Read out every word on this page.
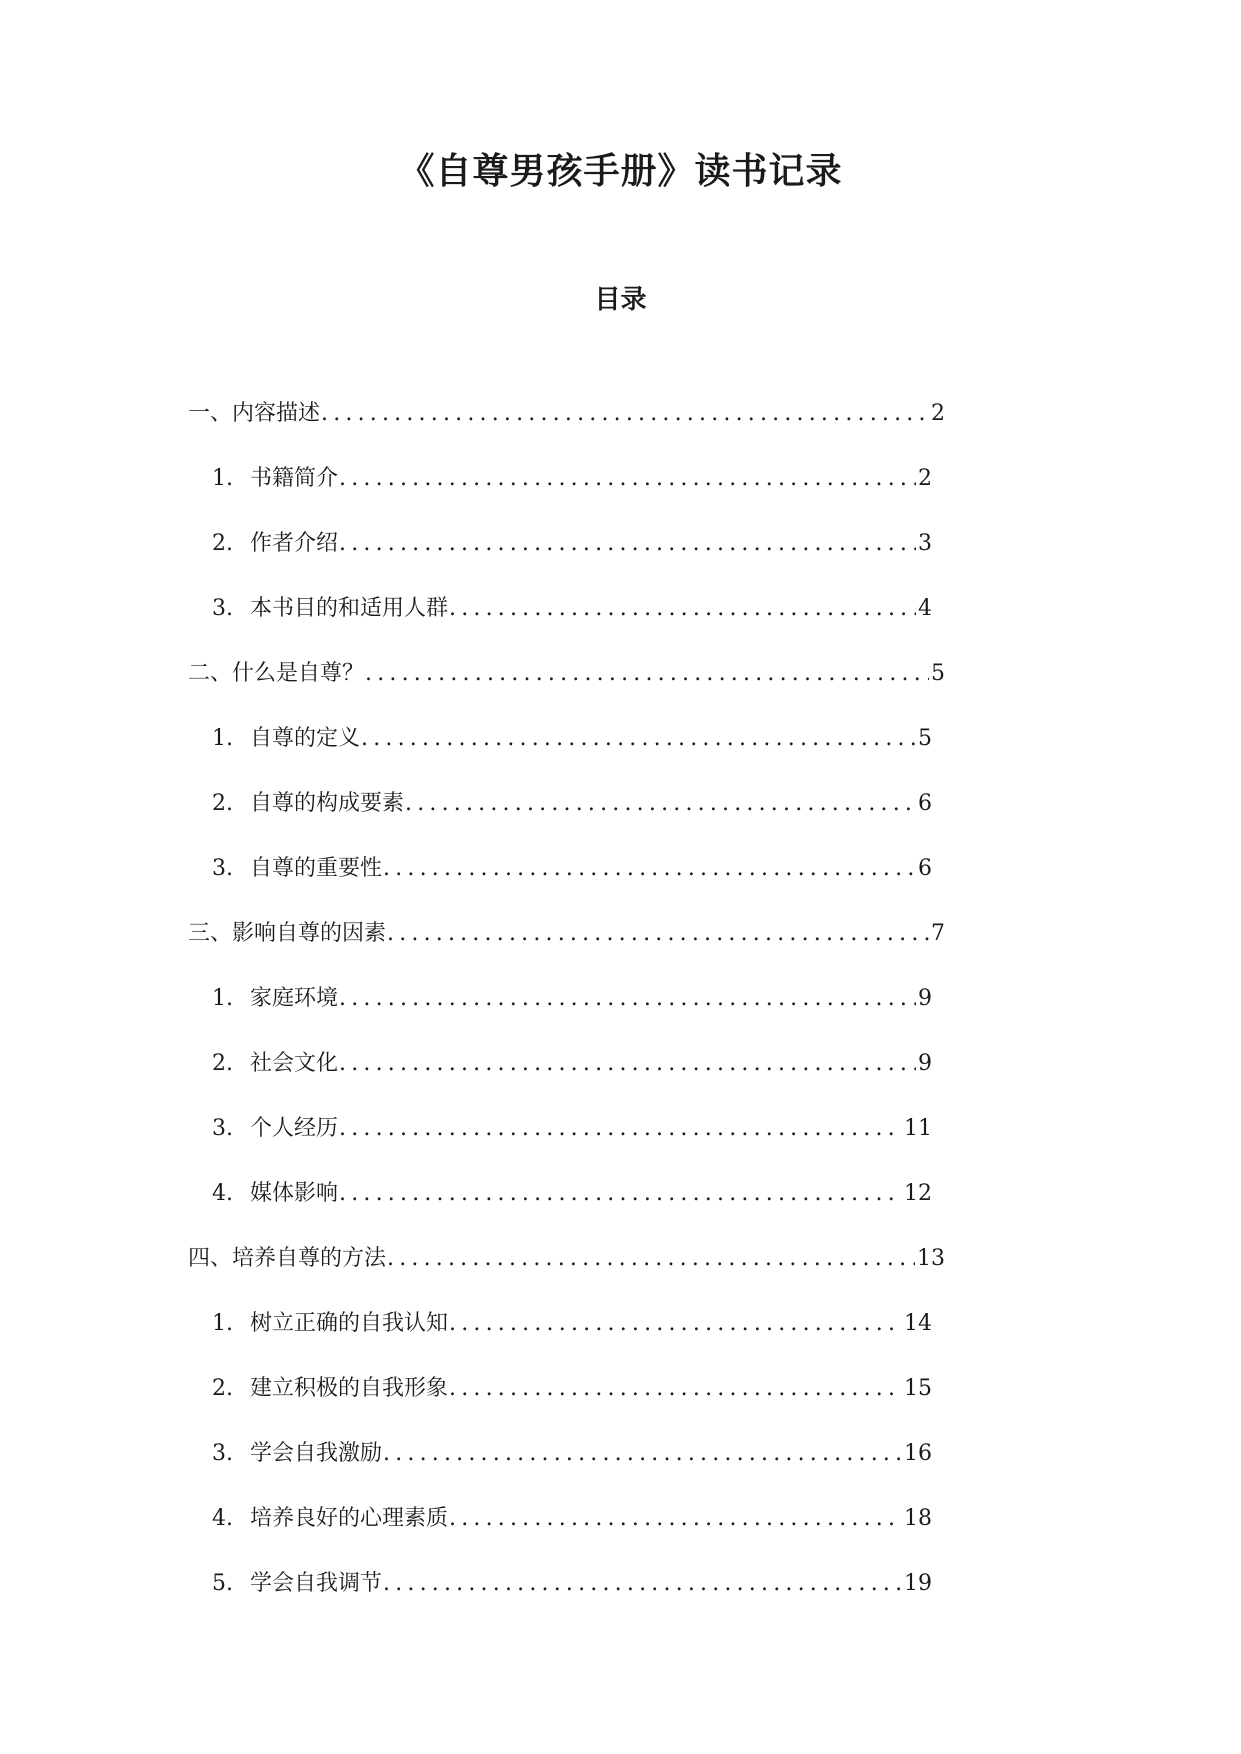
《自尊男孩手册》读书记录
目录
一、内容描述 .....	2
1. 书籍简介 .....	2
2. 作者介绍 .....	3
3. 本书目的和适用人群 .....	4
二、什么是自尊？ .....	5
1. 自尊的定义 .....	5
2. 自尊的构成要素 .....	6
3. 自尊的重要性 .....	6
三、影响自尊的因素 .....	7
1. 家庭环境 .....	9
2. 社会文化 .....	9
3. 个人经历 .....	11
4. 媒体影响 .....	12
四、培养自尊的方法 .....	13
1. 树立正确的自我认知 .....	14
2. 建立积极的自我形象 .....	15
3. 学会自我激励 .....	16
4. 培养良好的心理素质 .....	18
5. 学会自我调节 .....	19
